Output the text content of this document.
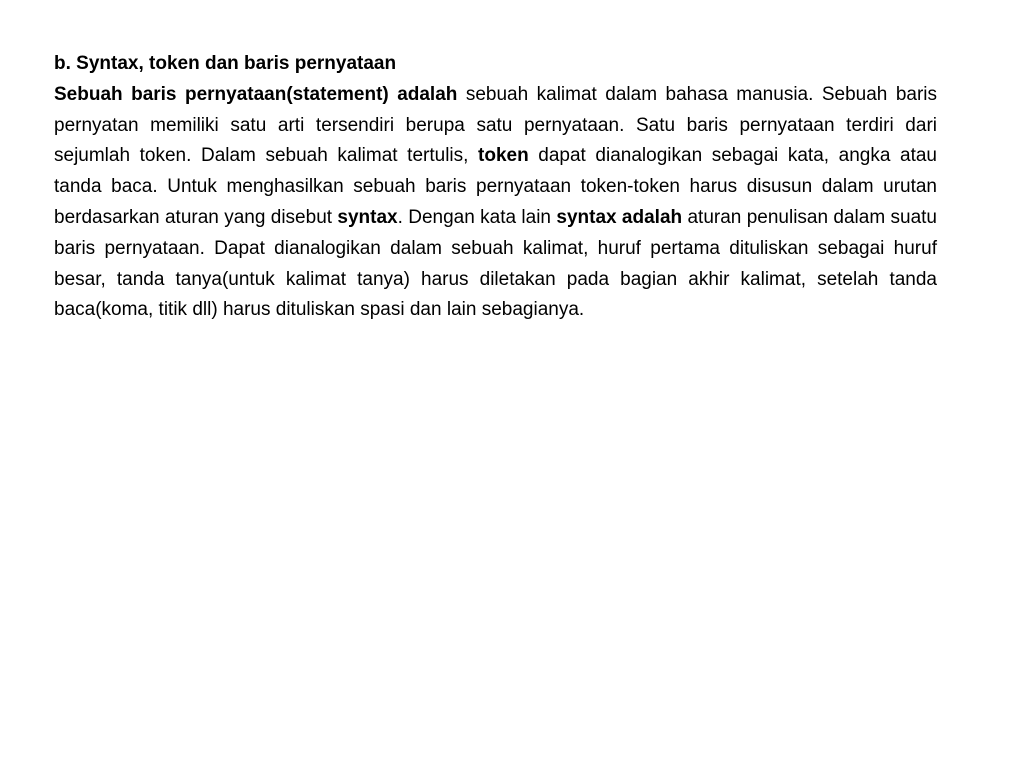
b. Syntax, token dan baris pernyataan

Sebuah baris pernyataan(statement) adalah sebuah kalimat dalam bahasa manusia. Sebuah baris pernyatan memiliki satu arti tersendiri berupa satu pernyataan. Satu baris pernyataan terdiri dari sejumlah token. Dalam sebuah kalimat tertulis, token dapat dianalogikan sebagai kata, angka atau tanda baca. Untuk menghasilkan sebuah baris pernyataan token-token harus disusun dalam urutan berdasarkan aturan yang disebut syntax. Dengan kata lain syntax adalah aturan penulisan dalam suatu baris pernyataan. Dapat dianalogikan dalam sebuah kalimat, huruf pertama dituliskan sebagai huruf besar, tanda tanya(untuk kalimat tanya) harus diletakan pada bagian akhir kalimat, setelah tanda baca(koma, titik dll) harus dituliskan spasi dan lain sebagianya.
